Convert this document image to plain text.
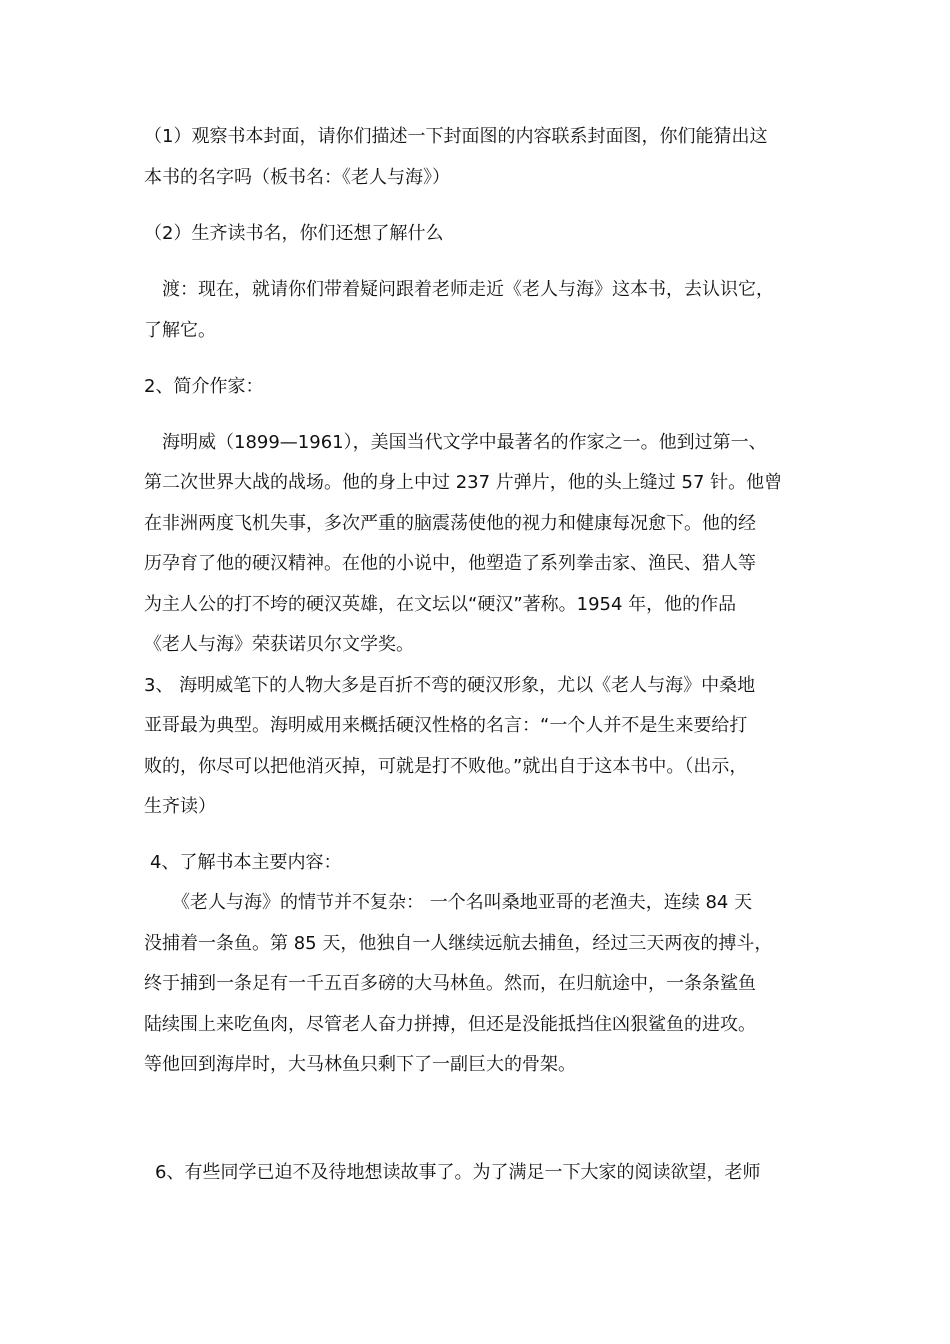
（1）观察书本封面，请你们描述一下封面图的内容联系封面图，你们能猜出这
本书的名字吗（板书名：《老人与海》）
（2）生齐读书名，你们还想了解什么
渡：现在，就请你们带着疑问跟着老师走近《老人与海》这本书，去认识它，
了解它。
2、简介作家：
海明威（1899—1961），美国当代文学中最著名的作家之一。他到过第一、
第二次世界大战的战场。他的身上中过 237 片弹片，他的头上缝过 57 针。他曾
在非洲两度飞机失事，多次严重的脑震荡使他的视力和健康每况愈下。他的经
历孕育了他的硬汉精神。在他的小说中，他塑造了系列拳击家、渔民、猎人等
为主人公的打不垮的硬汉英雄，在文坛以“硬汉”著称。1954 年，他的作品
《老人与海》荣获诺贝尔文学奖。
3、 海明威笔下的人物大多是百折不弯的硬汉形象，尤以《老人与海》中桑地
亚哥最为典型。海明威用来概括硬汉性格的名言：“一个人并不是生来要给打
败的，你尽可以把他消灭掉，可就是打不败他。”就出自于这本书中。（出示，
生齐读）
4、了解书本主要内容：
《老人与海》的情节并不复杂： 一个名叫桑地亚哥的老渔夫，连续 84 天
没捕着一条鱼。第 85 天，他独自一人继续远航去捕鱼，经过三天两夜的搏斗，
终于捕到一条足有一千五百多磅的大马林鱼。然而，在归航途中，一条条鲨鱼
陆续围上来吃鱼肉，尽管老人奋力拼搏，但还是没能抵挡住凶狠鲨鱼的进攻。
等他回到海岸时，大马林鱼只剩下了一副巨大的骨架。
6、有些同学已迫不及待地想读故事了。为了满足一下大家的阅读欲望，老师
